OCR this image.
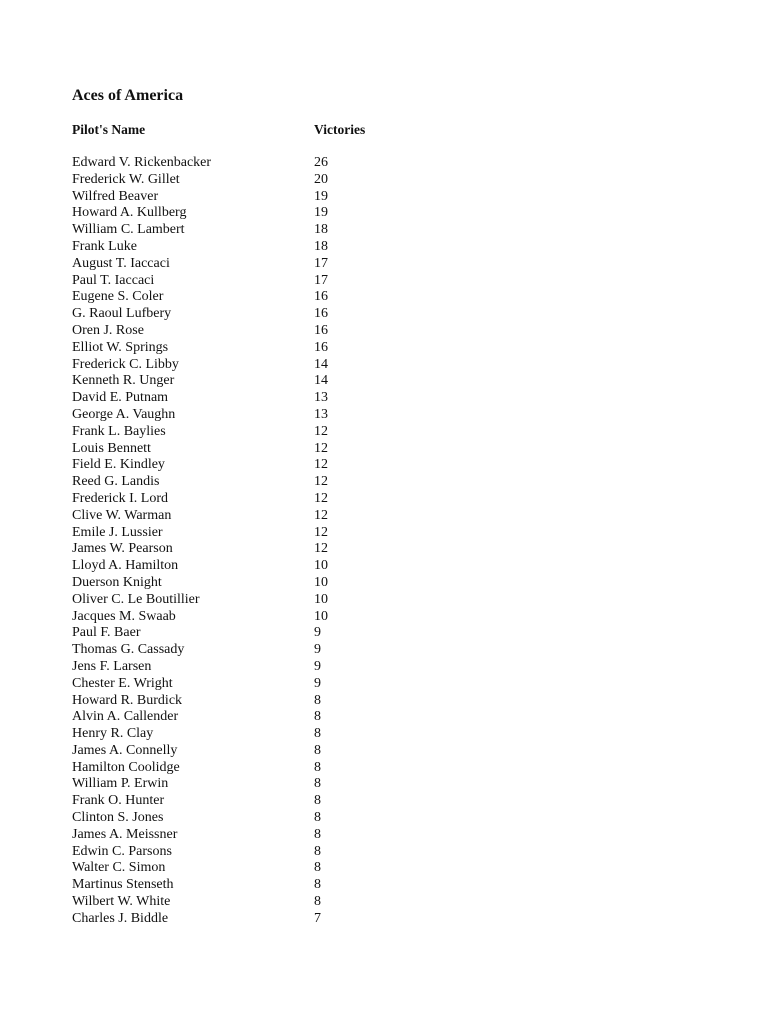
Aces of America
Pilot's Name	Victories
Edward V. Rickenbacker	26
Frederick W. Gillet	20
Wilfred Beaver	19
Howard A. Kullberg	19
William C. Lambert	18
Frank Luke	18
August T. Iaccaci	17
Paul T. Iaccaci	17
Eugene S. Coler	16
G. Raoul Lufbery	16
Oren J. Rose	16
Elliot W. Springs	16
Frederick C. Libby	14
Kenneth R. Unger	14
David E. Putnam	13
George A. Vaughn	13
Frank L. Baylies	12
Louis Bennett	12
Field E. Kindley	12
Reed G. Landis	12
Frederick I. Lord	12
Clive W. Warman	12
Emile J. Lussier	12
James W. Pearson	12
Lloyd A. Hamilton	10
Duerson Knight	10
Oliver C. Le Boutillier	10
Jacques M. Swaab	10
Paul F. Baer	9
Thomas G. Cassady	9
Jens F. Larsen	9
Chester E. Wright	9
Howard R. Burdick	8
Alvin A. Callender	8
Henry R. Clay	8
James A. Connelly	8
Hamilton Coolidge	8
William P. Erwin	8
Frank O. Hunter	8
Clinton S. Jones	8
James A. Meissner	8
Edwin C. Parsons	8
Walter C. Simon	8
Martinus Stenseth	8
Wilbert W. White	8
Charles J. Biddle	7
